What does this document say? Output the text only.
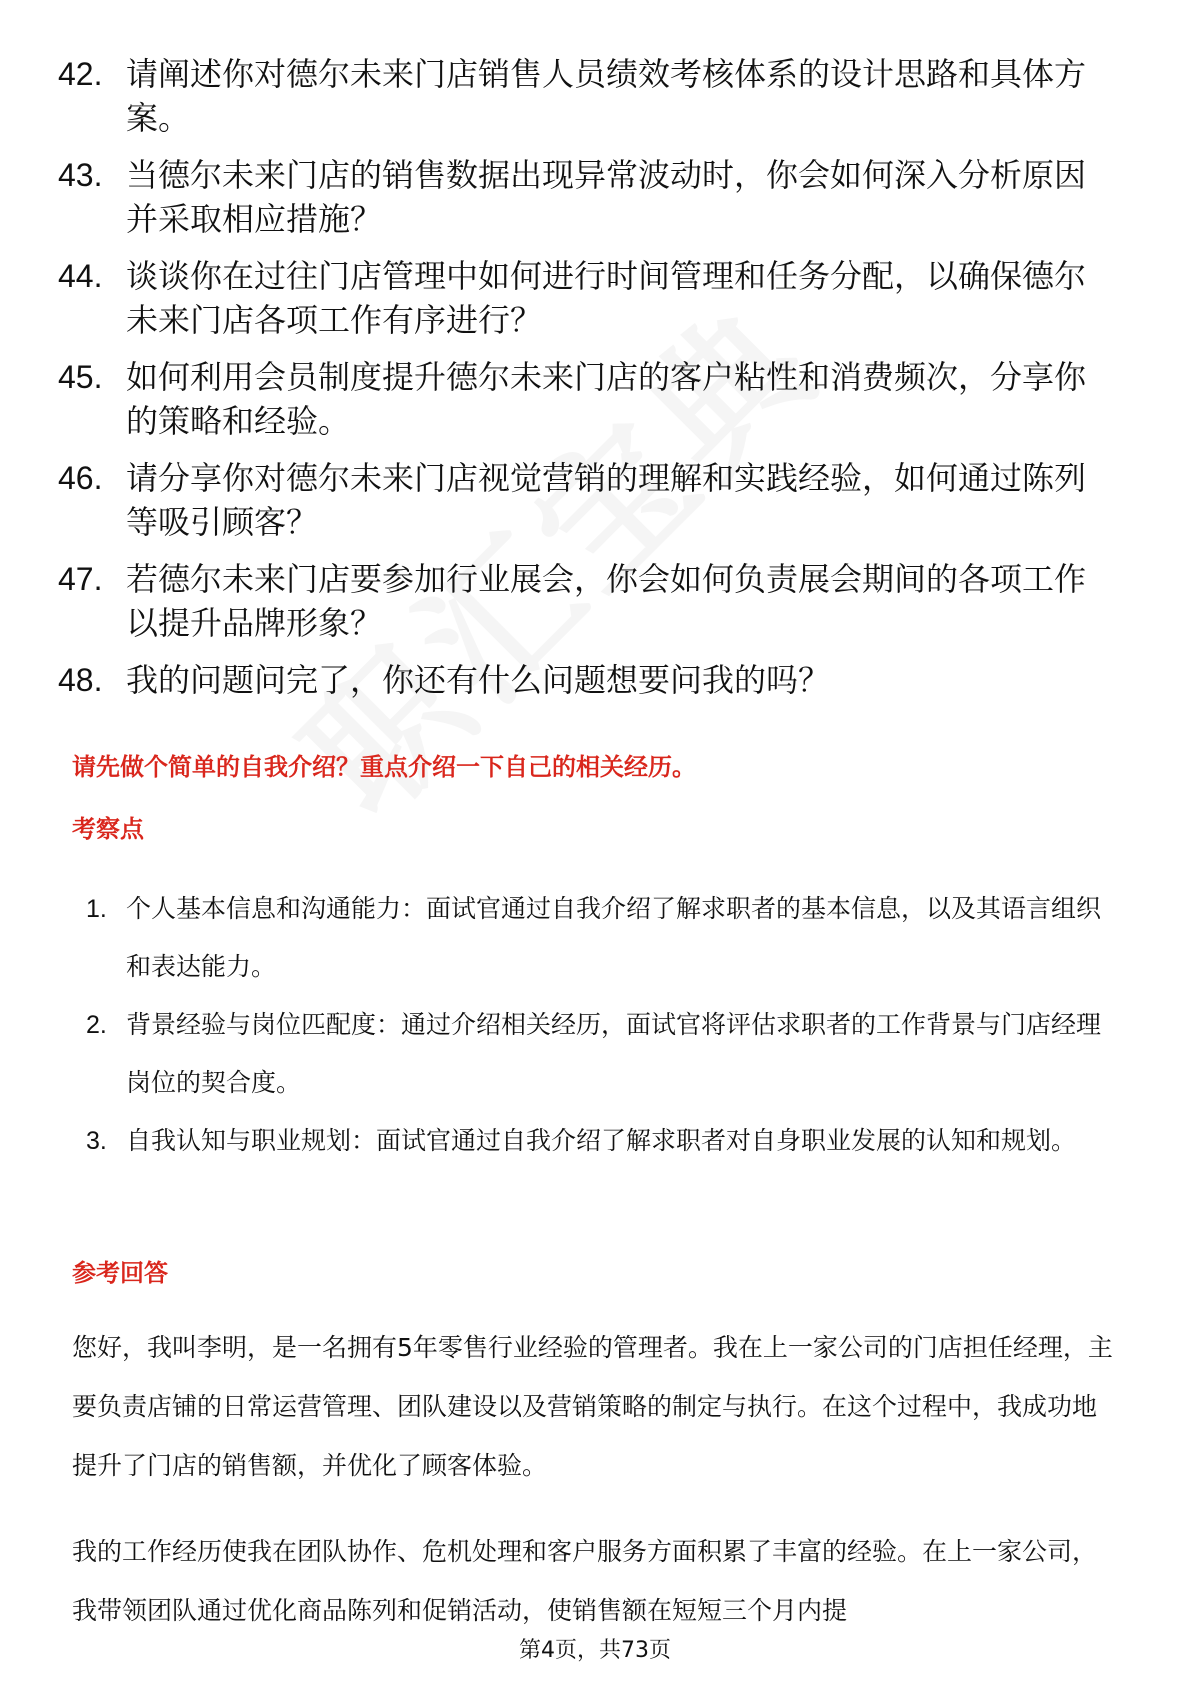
42. 请阐述你对德尔未来门店销售人员绩效考核体系的设计思路和具体方案。
43. 当德尔未来门店的销售数据出现异常波动时，你会如何深入分析原因并采取相应措施？
44. 谈谈你在过往门店管理中如何进行时间管理和任务分配，以确保德尔未来门店各项工作有序进行？
45. 如何利用会员制度提升德尔未来门店的客户粘性和消费频次，分享你的策略和经验。
46. 请分享你对德尔未来门店视觉营销的理解和实践经验，如何通过陈列等吸引顾客？
47. 若德尔未来门店要参加行业展会，你会如何负责展会期间的各项工作以提升品牌形象？
48. 我的问题问完了，你还有什么问题想要问我的吗？
请先做个简单的自我介绍？重点介绍一下自己的相关经历。
考察点
1. 个人基本信息和沟通能力：面试官通过自我介绍了解求职者的基本信息，以及其语言组织和表达能力。
2. 背景经验与岗位匹配度：通过介绍相关经历，面试官将评估求职者的工作背景与门店经理岗位的契合度。
3. 自我认知与职业规划：面试官通过自我介绍了解求职者对自身职业发展的认知和规划。
参考回答
您好，我叫李明，是一名拥有5年零售行业经验的管理者。我在上一家公司的门店担任经理，主要负责店铺的日常运营管理、团队建设以及营销策略的制定与执行。在这个过程中，我成功地提升了门店的销售额，并优化了顾客体验。
我的工作经历使我在团队协作、危机处理和客户服务方面积累了丰富的经验。在上一家公司，我带领团队通过优化商品陈列和促销活动，使销售额在短短三个月内提
第4页，共73页
